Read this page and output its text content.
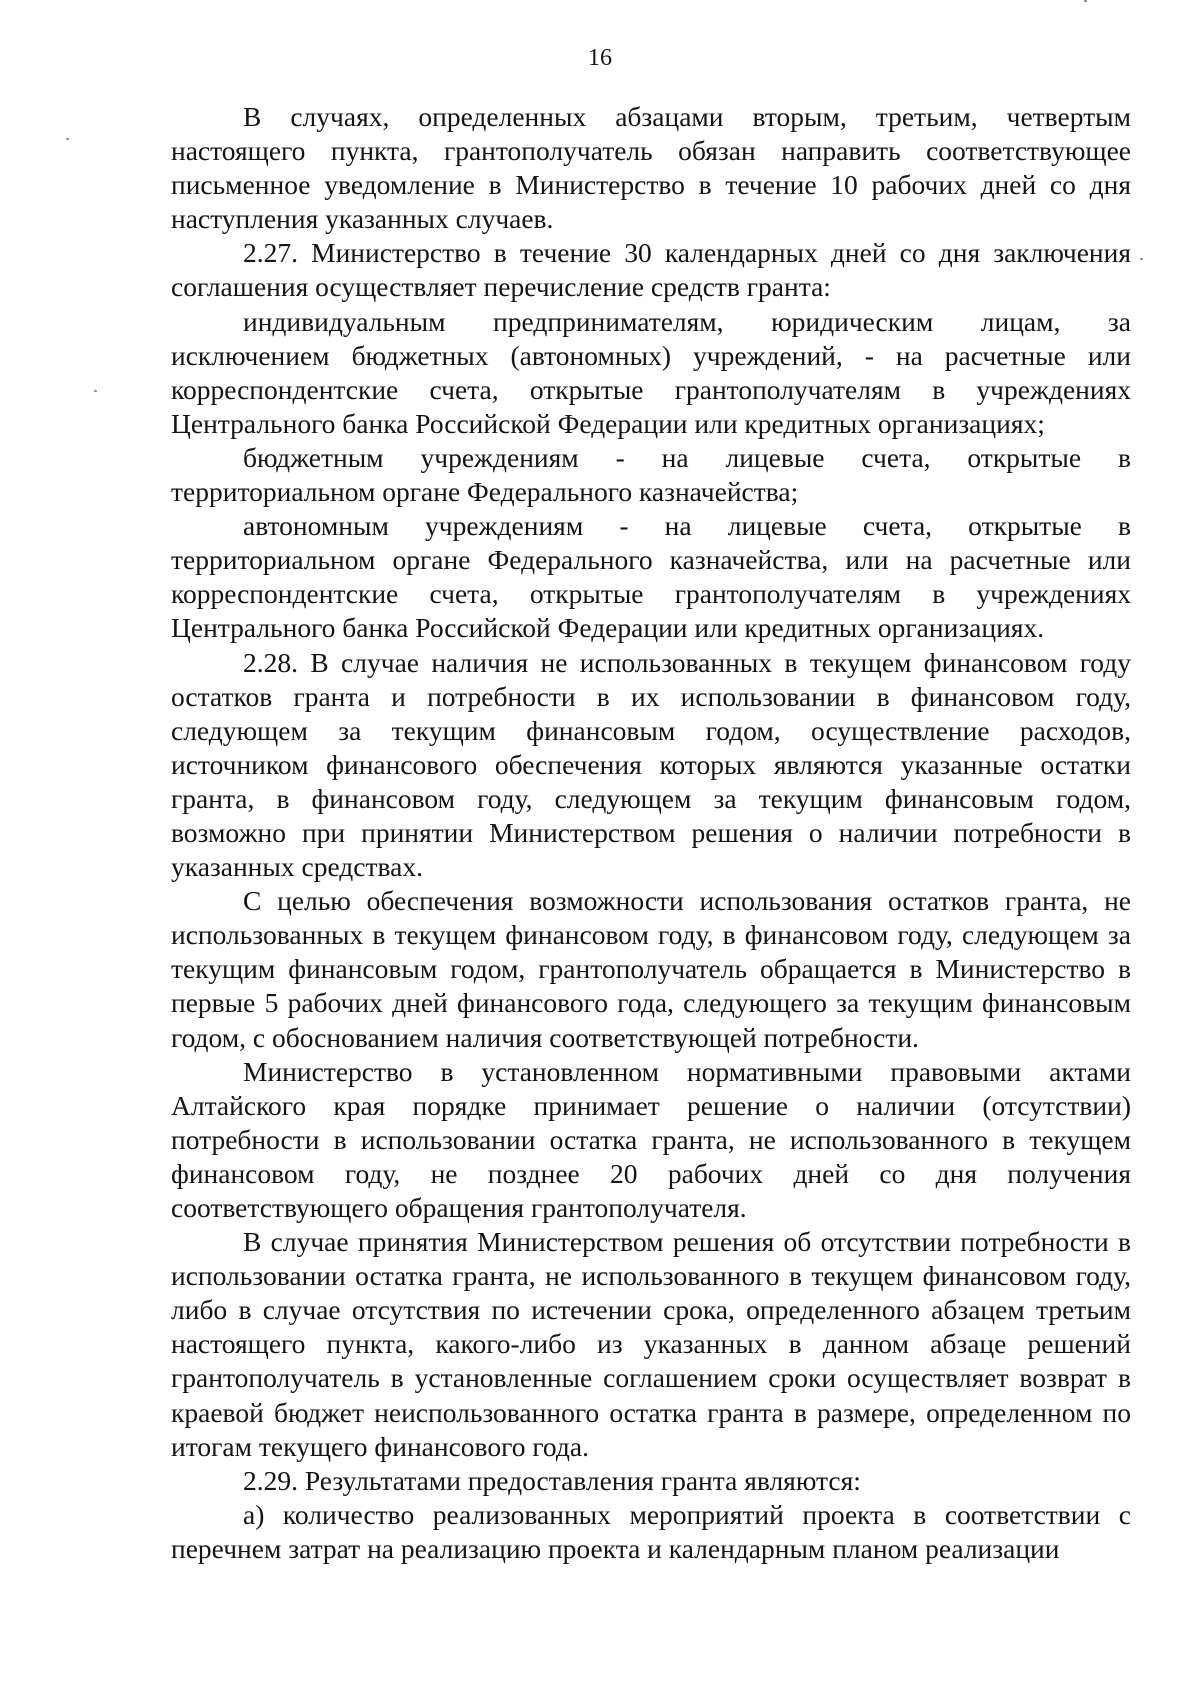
16

В случаях, определенных абзацами вторым, третьим, четвертым настоящего пункта, грантополучатель обязан направить соответствующее письменное уведомление в Министерство в течение 10 рабочих дней со дня наступления указанных случаев.

2.27. Министерство в течение 30 календарных дней со дня заключения соглашения осуществляет перечисление средств гранта:

индивидуальным предпринимателям, юридическим лицам, за исключением бюджетных (автономных) учреждений, - на расчетные или корреспондентские счета, открытые грантополучателям в учреждениях Центрального банка Российской Федерации или кредитных организациях;

бюджетным учреждениям - на лицевые счета, открытые в территориальном органе Федерального казначейства;

автономным учреждениям - на лицевые счета, открытые в территориальном органе Федерального казначейства, или на расчетные или корреспондентские счета, открытые грантополучателям в учреждениях Центрального банка Российской Федерации или кредитных организациях.

2.28. В случае наличия не использованных в текущем финансовом году остатков гранта и потребности в их использовании в финансовом году, следующем за текущим финансовым годом, осуществление расходов, источником финансового обеспечения которых являются указанные остатки гранта, в финансовом году, следующем за текущим финансовым годом, возможно при принятии Министерством решения о наличии потребности в указанных средствах.

С целью обеспечения возможности использования остатков гранта, не использованных в текущем финансовом году, в финансовом году, следующем за текущим финансовым годом, грантополучатель обращается в Министерство в первые 5 рабочих дней финансового года, следующего за текущим финансовым годом, с обоснованием наличия соответствующей потребности.

Министерство в установленном нормативными правовыми актами Алтайского края порядке принимает решение о наличии (отсутствии) потребности в использовании остатка гранта, не использованного в текущем финансовом году, не позднее 20 рабочих дней со дня получения соответствующего обращения грантополучателя.

В случае принятия Министерством решения об отсутствии потребности в использовании остатка гранта, не использованного в текущем финансовом году, либо в случае отсутствия по истечении срока, определенного абзацем третьим настоящего пункта, какого-либо из указанных в данном абзаце решений грантополучатель в установленные соглашением сроки осуществляет возврат в краевой бюджет неиспользованного остатка гранта в размере, определенном по итогам текущего финансового года.

2.29. Результатами предоставления гранта являются:

а) количество реализованных мероприятий проекта в соответствии с перечнем затрат на реализацию проекта и календарным планом реализации
